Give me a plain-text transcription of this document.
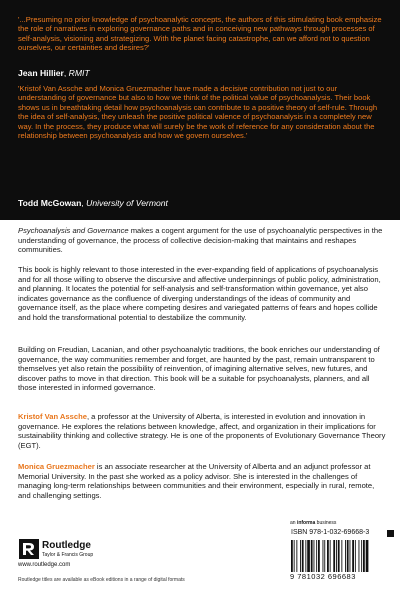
'...Presuming no prior knowledge of psychoanalytic concepts, the authors of this stimulating book emphasize the role of narratives in exploring governance paths and in conceiving new pathways through processes of self-analysis, visioning and strategizing. With the planet facing catastrophe, can we afford not to question ourselves, our certainties and desires?'
Jean Hillier, RMIT
'Kristof Van Assche and Monica Gruezmacher have made a decisive contribution not just to our understanding of governance but also to how we think of the political value of psychoanalysis. Their book shows us in breathtaking detail how psychoanalysis can contribute to a positive theory of self-rule. Through the idea of self-analysis, they unleash the positive political valence of psychoanalysis in a completely new way. In the process, they produce what will surely be the work of reference for any consideration about the relationship between psychoanalysis and how we govern ourselves.'
Todd McGowan, University of Vermont

Psychoanalysis and Governance makes a cogent argument for the use of psychoanalytic perspectives in the understanding of governance, the process of collective decision-making that maintains and reshapes communities.

This book is highly relevant to those interested in the ever-expanding field of applications of psychoanalysis and for all those willing to observe the discursive and affective underpinnings of public policy, administration, and planning. It locates the potential for self-analysis and self-transformation within governance, yet also indicates governance as the confluence of diverging understandings of the ideas of community and governance itself, as the place where competing desires and variegated patterns of fears and hopes collide and hold the transformational potential to destabilize the community.

Building on Freudian, Lacanian, and other psychoanalytic traditions, the book enriches our understanding of governance, the way communities remember and forget, are haunted by the past, remain untransparent to themselves yet also retain the possibility of reinvention, of imagining alternative selves, new futures, and discover paths to move in that direction. This book will be a suitable for psychoanalysts, planners, and all those interested in informed governance.

Kristof Van Assche, a professor at the University of Alberta, is interested in evolution and innovation in governance. He explores the relations between knowledge, affect, and organization in their implications for sustainability thinking and collective strategy. He is one of the proponents of Evolutionary Governance Theory (EGT).

Monica Gruezmacher is an associate researcher at the University of Alberta and an adjunct professor at Memorial University. In the past she worked as a policy advisor. She is interested in the challenges of managing long-term relationships between communities and their environment, especially in rural, remote, and challenging settings.

Routledge
Taylor & Francis Group
www.routledge.com
Routledge titles are available as eBook editions in a range of digital formats
an informa business
ISBN 978-1-032-69668-3
9 781032 696683
